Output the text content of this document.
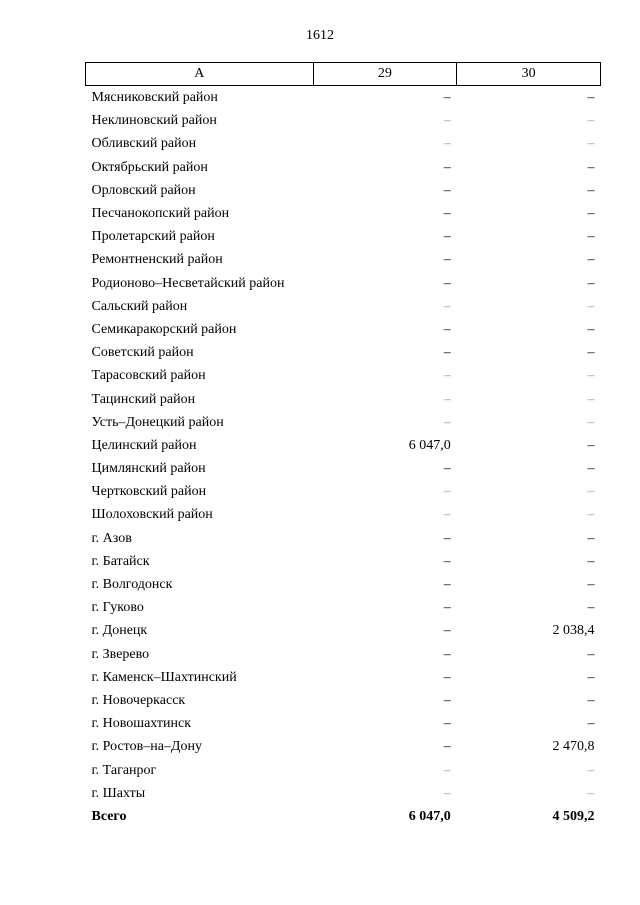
1612
А	29	30
Мясниковский район	–	–
Неклиновский район	–	–
Обливский район	–	–
Октябрьский район	–	–
Орловский район	–	–
Песчанокопский район	–	–
Пролетарский район	–	–
Ремонтненский район	–	–
Родионово–Несветайский район	–	–
Сальский район	–	–
Семикаракорский район	–	–
Советский район	–	–
Тарасовский район	–	–
Тацинский район	–	–
Усть–Донецкий район	–	–
Целинский район	6 047,0	–
Цимлянский район	–	–
Чертковский район	–	–
Шолоховский район	–	–
г. Азов	–	–
г. Батайск	–	–
г. Волгодонск	–	–
г. Гуково	–	–
г. Донецк	–	2 038,4
г. Зверево	–	–
г. Каменск–Шахтинский	–	–
г. Новочеркасск	–	–
г. Новошахтинск	–	–
г. Ростов–на–Дону	–	2 470,8
г. Таганрог	–	–
г. Шахты	–	–
Всего	6 047,0	4 509,2
